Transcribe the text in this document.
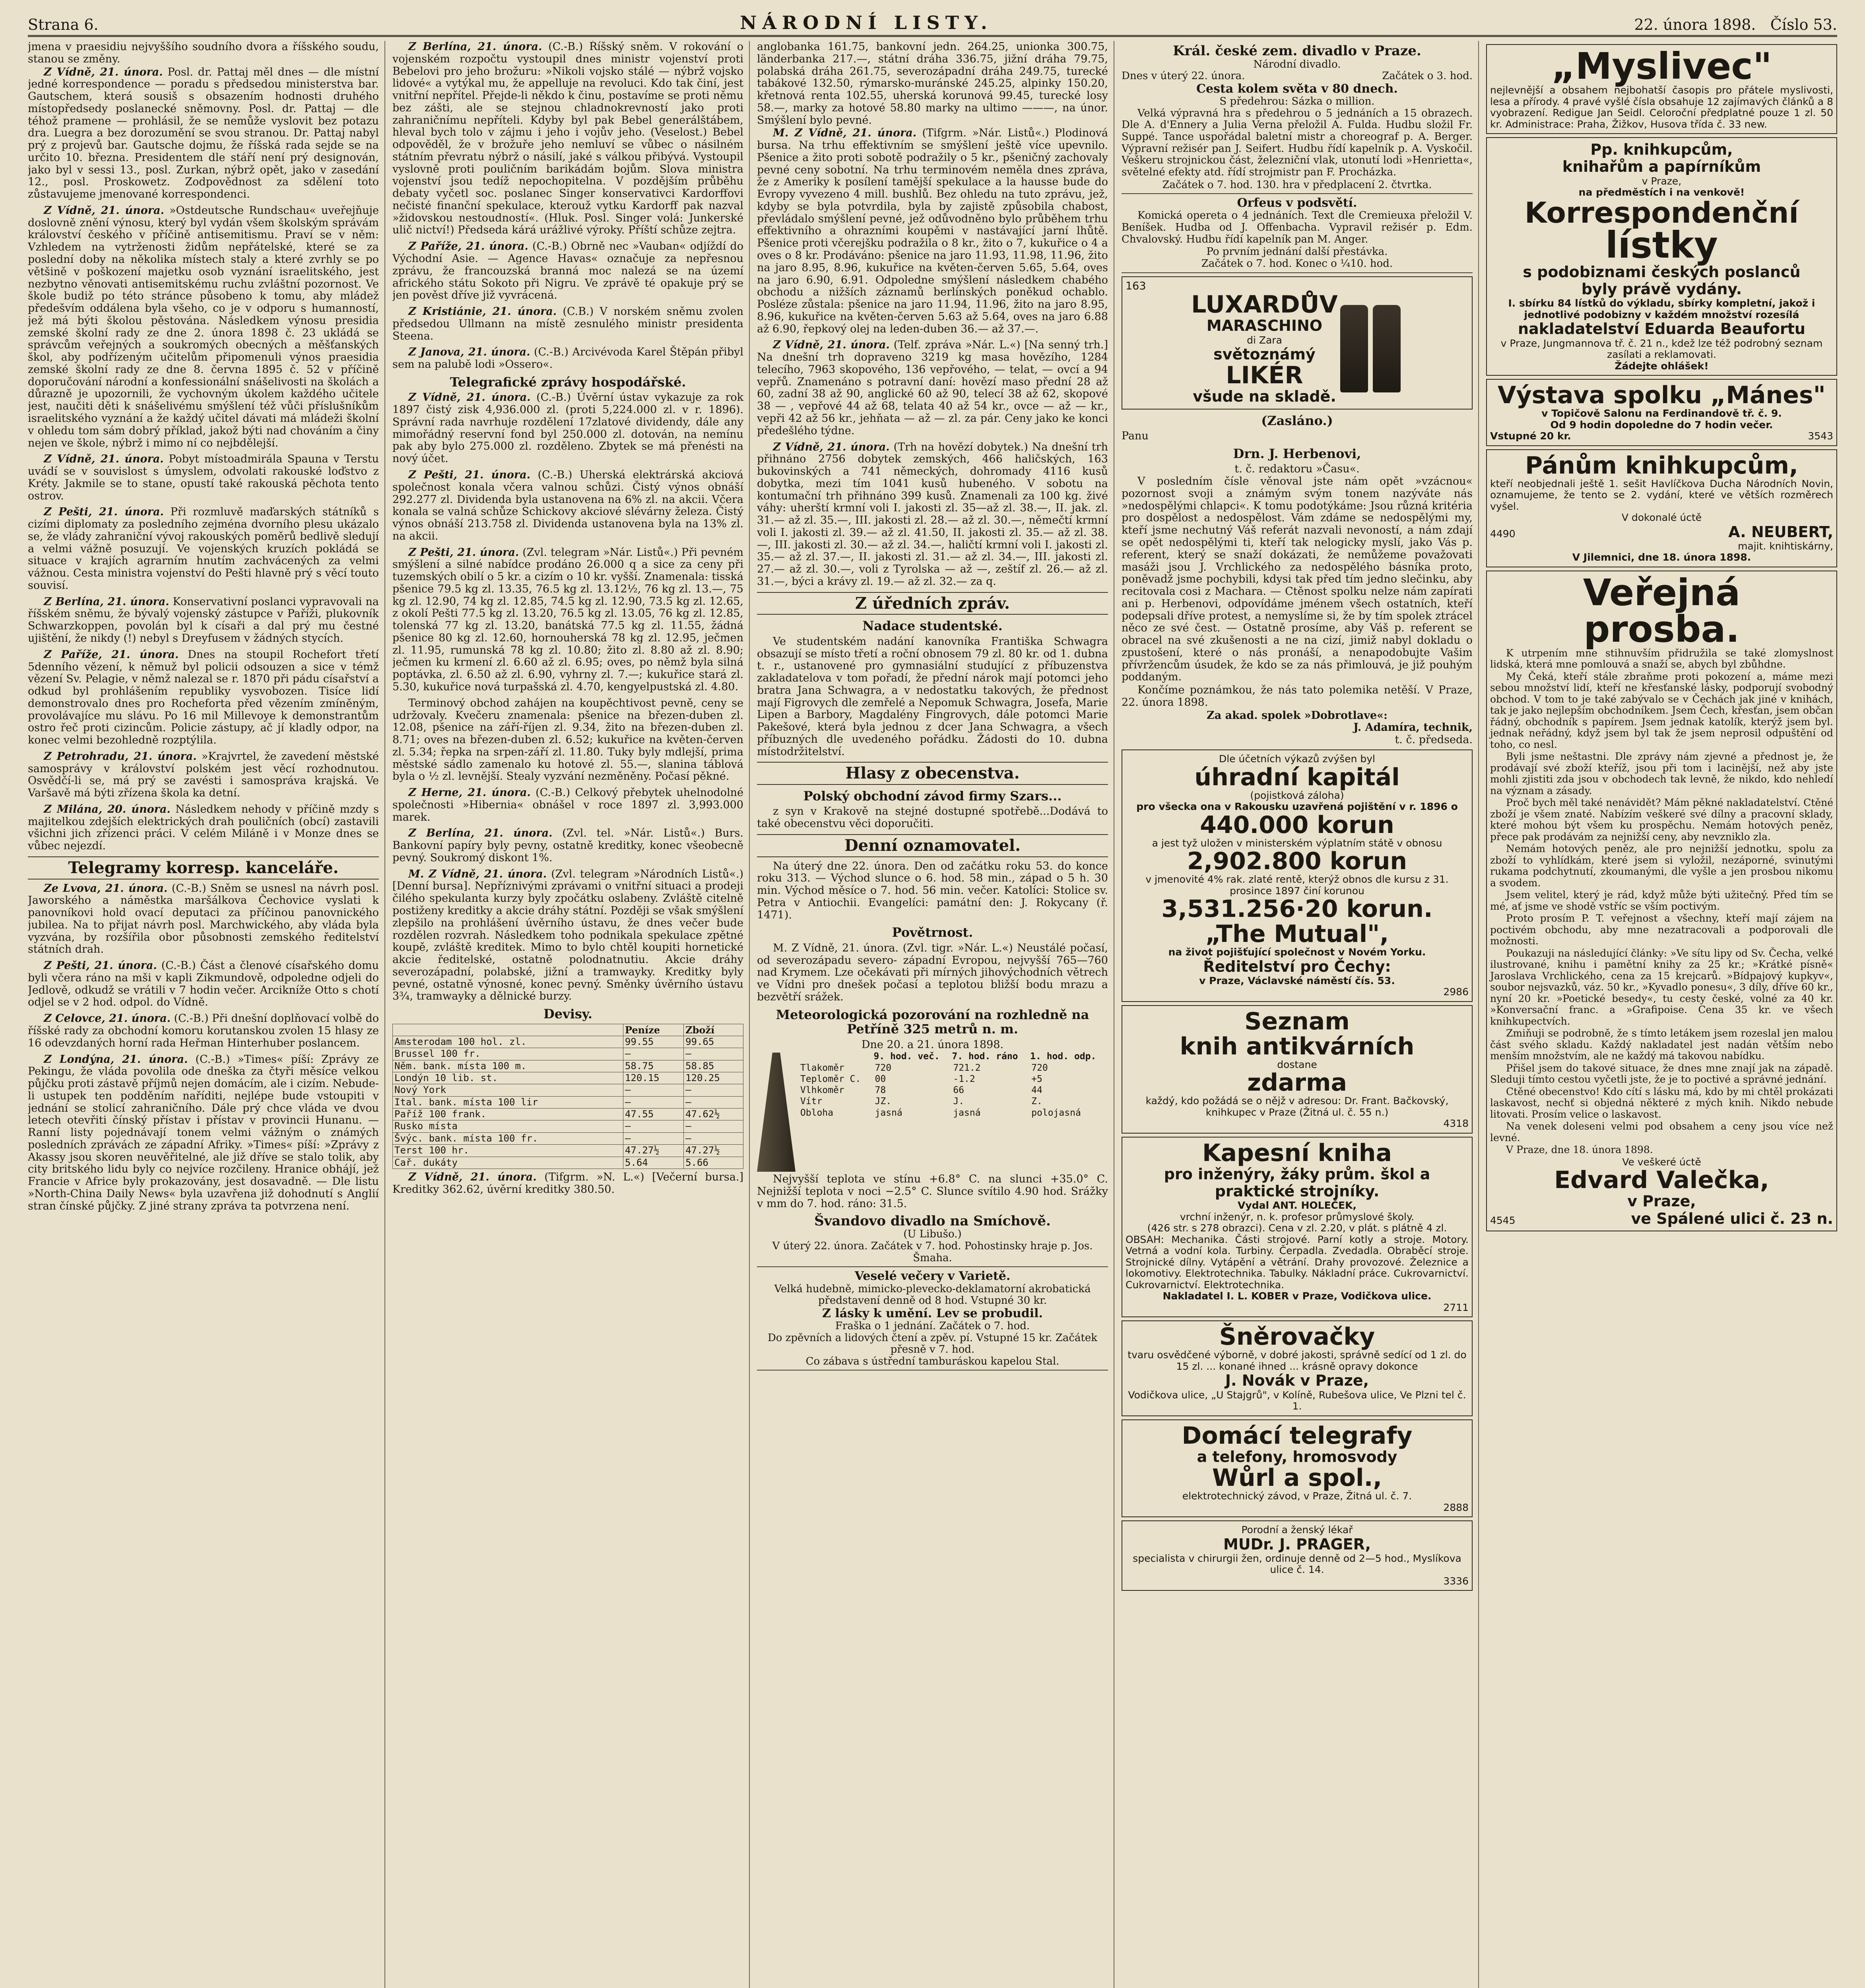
Strana 6.	NÁRODNÍ LISTY.	22. února 1898. Číslo 53.

jmena v praesidiu nejvyššího soudního dvora a říšského soudu, stanou se změny.

Z Vídně, 21. února. Posl. dr. Pattaj měl dnes — dle místní jedné korrespondence — poradu s předsedou ministerstva bar. Gautschem, která sousiš s obsazením hodnosti druhého místopředsedy poslanecké sněmovny. Posl. dr. Pattaj — dle téhož pramene — prohlásil, že se nemůže vyslovit bez potazu dra. Luegra a bez dorozumění se svou stranou. Dr. Pattaj nabyl prý z projevů bar. Gautsche dojmu, že říšská rada sejde se na určito 10. března. Presidentem dle stáří není prý designován, jako byl v sessi 13., posl. Zurkan, nýbrž opět, jako v zasedání 12., posl. Proskowetz. Zodpovědnost za sdělení toto zůstavujeme jmenované korrespondenci.

Z Vídně, 21. února. »Ostdeutsche Rundschau« uveřejňuje doslovně znění výnosu, který byl vydán všem školským správám království českého v příčině antisemitismu. Praví se v něm: Vzhledem na vytrženosti židům nepřátelské, které se za poslední doby na několika místech staly a které zvrhly se po většině v poškození majetku osob vyznání israelitského, jest nezbytno věnovati antisemitskému ruchu zvláštní pozornost. Ve škole budiž po této stránce působeno k tomu, aby mládež předešvím oddálena byla všeho, co je v odporu s humanností, jež má býti školou pěstována. Následkem výnosu presidia zemské školní rady ze dne 2. února 1898 č. 23 ukládá se správcům veřejných a soukromých obecných a měšťanských škol, aby podřízeným učitelům připomenuli výnos praesidia zemské školní rady ze dne 8. června 1895 č. 52 v příčině doporučování národní a konfessionální snášelivosti na školách a důrazně je upozornili, že vychovným úkolem každého učitele jest, naučiti děti k snášelivému smýšlení též vůči příslušníkům israelitského vyznání a že každý učitel dávati má mládeži školní v ohledu tom sám dobrý příklad, jakož býti nad chováním a činy nejen ve škole, nýbrž i mimo ní co nejbdělejší.

Z Vídně, 21. února. Pobyt místoadmirála Spauna v Terstu uvádí se v souvislost s úmyslem, odvolati rakouské loďstvo z Kréty. Jakmile se to stane, opustí také rakouská pěchota tento ostrov.

Z Pešti, 21. února. Při rozmluvě maďarských státníků s cizími diplomaty za posledního zejména dvorního plesu ukázalo se, že vlády zahraniční vývoj rakouských poměrů bedlivě sledují a velmi vážně posuzují. Ve vojenských kruzích pokládá se situace v krajích agrarním hnutím zachvácených za velmi vážnou. Cesta ministra vojenství do Pešti hlavně prý s věcí touto souvisí.

Z Berlína, 21. února. Konservativní poslanci vypravovali na říšském sněmu, že bývalý vojenský zástupce v Paříži, plukovník Schwarzkoppen, povolán byl k císaři a dal prý mu čestné ujištění, že nikdy (!) nebyl s Dreyfusem v žádných stycích.

Z Paříže, 21. února. Dnes na stoupil Rochefort třetí 5denního vězení, k němuž byl policii odsouzen a sice v témž vězení Sv. Pelagie, v němž nalezal se r. 1870 při pádu císařství a odkud byl prohlášením republiky vysvobozen. Tisíce lidí demonstrovalo dnes pro Rocheforta před vězením zmíněným, provolávajíce mu slávu. Po 16 mil Millevoye k demonstrantům ostro řeč proti cizincům. Policie zástupy, ač jí kladly odpor, na konec velmi bezohledně rozptýlila.

Z Petrohradu, 21. února. »Krajvrtel, že zavedení městské samosprávy v království polském jest věcí rozhodnutou. Osvědčí-li se, má prý se zavésti i samospráva krajská. Ve Varšavě má býti zřízena škola ka detní.

Z Milána, 20. února. Následkem nehody v příčině mzdy s majitelkou zdejších elektrických drah pouličních (obcí) zastavili všichni jich zřízenci práci. V celém Miláně i v Monze dnes se vůbec nejezdí.

Telegramy korresp. kanceláře.

Ze Lvova, 21. února. (C.-B.) Sněm se usnesl na návrh posl. Jaworského a náměstka maršálkova Čechovice vyslati k panovníkovi hold ovací deputaci za příčinou panovnického jubilea. Na to přijat návrh posl. Marchwického, aby vláda byla vyzvána, by rozšířila obor působnosti zemského ředitelství státních drah.

Z Pešti, 21. února. (C.-B.) Část a členové císařského domu byli včera ráno na mši v kapli Zikmundově, odpoledne odjeli do Jedlově, odkudž se vrátili v 7 hodin večer. Arcikníže Otto s chotí odjel se v 2 hod. odpol. do Vídně.

Z Celovce, 21. února. (C.-B.) Při dnešní doplňovací volbě do říšské rady za obchodní komoru korutanskou zvolen 15 hlasy ze 16 odevzdaných horní rada Heřman Hinterhuber poslancem.

Z Londýna, 21. února. (C.-B.) »Times« píší: Zprávy ze Pekingu, že vláda povolila ode dneška za čtyři měsíce velkou půjčku proti zástavě příjmů nejen domácím, ale i cizím. Nebude-li ustupek ten podděním naříditi, nejlépe bude vstoupiti v jednání se stolicí zahraničního. Dále prý chce vláda ve dvou letech otevřiti čínský přístav i přístav v provincii Hunanu. — Ranní listy pojednávají tonem velmi vážným o známých posledních zprávách ze západní Afriky. »Times« píší: »Zprávy z Akassy jsou skoren neuvěřitelné, ale již dříve se stalo tolik, aby city britského lidu byly co nejvíce rozčileny. Hranice obhájí, jež Francie v Africe byly prokazovány, jest dosavadně. — Dle listu »North-China Daily News« byla uzavřena již dohodnutí s Anglií stran čínské půjčky. Z jiné strany zpráva ta potvrzena není.

Z Berlína, 21. února. (C.-B.) Říšský sněm. V rokování o vojenském rozpočtu vystoupil dnes ministr vojenství proti Bebelovi pro jeho brožuru: »Nikoli vojsko stálé — nýbrž vojsko lidové« a vytýkal mu, že appelluje na revoluci. Kdo tak činí, jest vnitřní nepřítel. Přejde-li někdo k činu, postavíme se proti němu bez zášti, ale se stejnou chladnokrevností jako proti zahraničnímu nepříteli. Kdyby byl pak Bebel generálštábem, hleval bych tolo v zájmu i jeho i vojův jeho. (Veselost.) Bebel odpověděl, že v brožuře jeho nemluví se vůbec o násilném státním převratu nýbrž o násilí, jaké s válkou přibývá. Vystoupil vyslovně proti pouličním barikádám bojům. Slova ministra vojenství jsou tedíž nepochopitelna. V pozdějším průběhu debaty vyčetl soc. poslanec Singer konservativci Kardorffovi nečisté finanční spekulace, kterouž vytku Kardorff pak nazval »židovskou nestoudností«. (Hluk. Posl. Singer volá: Junkerské ulič nictví!) Předseda kárá urážlivé výroky. Příští schůze zejtra.

Z Paříže, 21. února. (C.-B.) Obrně nec »Vauban« odjíždí do Východní Asie. — Agence Havas« označuje za nepřesnou zprávu, že francouzská branná moc nalezá se na území afrického státu Sokoto při Nigru. Ve zprávě té opakuje prý se jen pověst dříve již vyvrácená.

Z Kristiánie, 21. února. (C.B.) V norském sněmu zvolen předsedou Ullmann na místě zesnulého ministr presidenta Steena.

Z Janova, 21. února. (C.-B.) Arcivévoda Karel Štěpán přibyl sem na palubě lodi »Ossero«.

Telegrafické zprávy hospodářské.

Z Vídně, 21. února. (C.-B.) Úvěrní ústav vykazuje za rok 1897 čistý zisk 4,936.000 zl. (proti 5,224.000 zl. v r. 1896). Správní rada navrhuje rozdělení 17zlatové dividendy, dále any mimořádný reservní fond byl 250.000 zl. dotován, na nemínu pak aby bylo 275.000 zl. rozděleno. Zbytek se má přenésti na nový účet.

Z Pešti, 21. února. (C.-B.) Uherská elektrárská akciová společnost konala včera valnou schůzi. Čistý výnos obnáší 292.277 zl. Dividenda byla ustanovena na 6% zl. na akcii. Včera konala se valná schůze Schickovy akciové slévárny železa. Čistý výnos obnáší 213.758 zl. Dividenda ustanovena byla na 13% zl. na akcii.

Z Pešti, 21. února. (Zvl. telegram »Nár. Listů«.) Při pevném smýšlení a silné nabídce prodáno 26.000 q a sice za ceny při tuzemských obilí o 5 kr. a cizím o 10 kr. vyšší. Znamenala: tisská pšenice 79.5 kg zl. 13.35, 76.5 kg zl. 13.12½, 76 kg zl. 13.—, 75 kg zl. 12.90, 74 kg zl. 12.85, 74.5 kg zl. 12.90, 73.5 kg zl. 12.65, z okolí Pešti 77.5 kg zl. 13.20, 76.5 kg zl. 13.05, 76 kg zl. 12.85, tolenská 77 kg zl. 13.20, banátská 77.5 kg zl. 11.55, žádná pšenice 80 kg zl. 12.60, hornouherská 78 kg zl. 12.95, ječmen zl. 11.95, rumunská 78 kg zl. 10.80; žito zl. 8.80 až zl. 8.90; ječmen ku krmení zl. 6.60 až zl. 6.95; oves, po němž byla silná poptávka, zl. 6.50 až zl. 6.90, vyhrny zl. 7.—; kukuřice stará zl. 5.30, kukuřice nová turpašská zl. 4.70, kengyelpustská zl. 4.80.

Terminový obchod zahájen na koupěchtivost pevně, ceny se udržovaly. Kvečeru znamenala: pšenice na březen-duben zl. 12.08, pšenice na září-říjen zl. 9.34, žito na březen-duben zl. 8.71; oves na březen-duben zl. 6.52; kukuřice na květen-červen zl. 5.34; řepka na srpen-září zl. 11.80. Tuky byly mdlejší, prima městské sádlo zamenalo ku hotové zl. 55.—, slanina táblová byla o ½ zl. levnější. Stealy vyzvání nezměněny. Počasí pěkné.

Z Herne, 21. února. (C.-B.) Celkový přebytek uhelnodolné společnosti »Hibernia« obnášel v roce 1897 zl. 3,993.000 marek.

Z Berlína, 21. února. (Zvl. tel. »Nár. Listů«.) Burs. Bankovní papíry byly pevny, ostatně kreditky, konec všeobecně pevný. Soukromý diskont 1%.

M. Z Vídně, 21. února. (Zvl. telegram »Národních Listů«.) [Denní bursa]. Nepříznivými zprávami o vnitřní situaci a prodeji čilého spekulanta kurzy byly zpočátku oslabeny. Zvláště citelně postiženy kreditky a akcie dráhy státní. Později se však smýšlení zlepšilo na prohlášení úvěrního ústavu, že dnes večer bude rozdělen rozvrah. Následkem toho podnikala spekulace zpětné koupě, zvláště kreditek. Mimo to bylo chtěl koupiti hornetické akcie ředitelské, ostatně polodnatnutiu. Akcie dráhy severozápadní, polabské, jižní a tramwayky. Kreditky byly pevné, ostatně výnosné, konec pevný. Směnky úvěrního ústavu 3¾, tramwayky a dělnické burzy.

Devisy.
	Peníze	Zboží
Amsterodam 100 hol. zl.	99.55	99.65
Brussel 100 fr.	—	—
Něm. bank. místa 100 m.	58.75	58.85
Londýn 10 lib. st.	120.15	120.25
Nový York	—	—
Ital. bank. místa 100 lir	—	—
Paříž 100 frank.	47.55	47.62½
Rusko místa	—	—
Švýc. bank. místa 100 fr.	—	—
Terst 100 hr.	47.27½	47.27½
Cař. dukáty	5.64	5.66

Z Vídně, 21. února. (Tifgrm. »N. L.«) [Večerní bursa.] Kreditky 362.62, úvěrní kreditky 380.50.

anglobanka 161.75, bankovní jedn. 264.25, unionka 300.75, länderbanka 217.—, státní dráha 336.75, jižní dráha 79.75, polabská dráha 261.75, severozápadní dráha 249.75, turecké tabákové 132.50, rýmarsko-muránské 245.25, alpinky 150.20, křetnová renta 102.55, uherská korunová 99.45, turecké losy 58.—, marky za hotové 58.80 marky na ultimo ———, na únor. Smýšlení bylo pevné.

M. Z Vídně, 21. února. (Tifgrm. »Nár. Listů«.) Plodinová bursa. Na trhu effektivním se smýšlení ještě více upevnilo. Pšenice a žito proti sobotě podražily o 5 kr., pšeničný zachovaly pevné ceny sobotní. Na trhu terminovém neměla dnes zpráva, že z Ameriky k posílení tamější spekulace a la hausse bude do Evropy vyvezeno 4 mill. bushlů. Bez ohledu na tuto zprávu, jež, kdyby se byla potvrdila, byla by zajistě způsobila chabost, převládalo smýšlení pevné, jež odůvodněno bylo průběhem trhu effektivního a ohrazními koupěmi v nastávající jarní lhůtě. Pšenice proti včerejšku podražila o 8 kr., žito o 7, kukuřice o 4 a oves o 8 kr. Prodáváno: pšenice na jaro 11.93, 11.98, 11.96, žito na jaro 8.95, 8.96, kukuřice na květen-červen 5.65, 5.64, oves na jaro 6.90, 6.91. Odpoledne smýšlení následkem chabého obchodu a nižších záznamů berlínských poněkud ochablo. Posléze zůstala: pšenice na jaro 11.94, 11.96, žito na jaro 8.95, 8.96, kukuřice na květen-červen 5.63 až 5.64, oves na jaro 6.88 až 6.90, řepkový olej na leden-duben 36.— až 37.—.

Z Vídně, 21. února. (Telf. zpráva »Nár. L.«) [Na senný trh.] Na dnešní trh dopraveno 3219 kg masa hovězího, 1284 telecího, 7963 skopového, 136 vepřového, — telat, — ovcí a 94 vepřů. Znamenáno s potravní daní: hovězí maso přední 28 až 60, zadní 38 až 90, anglické 60 až 90, telecí 38 až 62, skopové 38 — , vepřové 44 až 68, telata 40 až 54 kr., ovce — až — kr., vepři 42 až 56 kr., jehňata — až — zl. za pár. Ceny jako ke konci předešlého týdne.

Z Vídně, 21. února. (Trh na hovězí dobytek.) Na dnešní trh přihnáno 2756 dobytek zemských, 466 haličských, 163 bukovinských a 741 německých, dohromady 4116 kusů dobytka, mezi tím 1041 kusů hubeného. V sobotu na kontumační trh přihnáno 399 kusů. Znamenali za 100 kg. živé váhy: uherští krmní voli I. jakosti zl. 35—až zl. 38.—, II. jak. zl. 31.— až zl. 35.—, III. jakosti zl. 28.— až zl. 30.—, němečtí krmní voli I. jakosti zl. 39.— až zl. 41.50, II. jakosti zl. 35.— až zl. 38.—, III. jakosti zl. 30.— až zl. 34.—, haličtí krmní voli I. jakosti zl. 35.— až zl. 37.—, II. jakosti zl. 31.— až zl. 34.—, III. jakosti zl. 27.— až zl. 30.—, voli z Tyrolska — až —, zeštíf zl. 26.— až zl. 31.—, býci a krávy zl. 19.— až zl. 32.— za q.

Z úředních zpráv.
Nadace studentské.

Ve studentském nadání kanovníka Františka Schwagra obsazují se místo třetí a roční obnosem 79 zl. 80 kr. od 1. dubna t. r., ustanovené pro gymnasiální studující z příbuzenstva zakladatelova v tom pořadí, že přední nárok mají potomci jeho bratra Jana Schwagra, a v nedostatku takových, že přednost mají Figrovych dle zemřelé a Nepomuk Schwagra, Josefa, Marie Lipen a Barbory, Magdalény Fingrovych, dále potomci Marie Pakešové, která byla jednou z dcer Jana Schwagra, a všech příbuzných dle uvedeného pořádku. Žádosti do 10. dubna místodržitelství.

Hlasy z obecenstva.
Polský obchodní závod firmy Szars...

z syn v Krakově na stejné dostupné spotřebě...Dodává to také obecenstvu věci doporučiti.

Denní oznamovatel.

Na úterý dne 22. února. Den od začátku roku 53. do konce roku 313. — Východ slunce o 6. hod. 58 min., západ o 5 h. 30 min. Východ měsíce o 7. hod. 56 min. večer. Katolíci: Stolice sv. Petra v Antiochii. Evangelíci: památní den: J. Rokycany (ř. 1471).

Povětrnost.

M. Z Vídně, 21. února. (Zvl. tigr. »Nár. L.«) Neustálé počasí, od severozápadu severo- západní Evropou, nejvyšší 765—760 nad Krymem. Lze očekávati při mírných jihovýchodních větrech ve Vídni pro dnešek počasí a teplotou bližší bodu mrazu a bezvětří srážek.

Meteorologická pozorování na rozhledně na Petříně 325 metrů n. m.
Dne 20. a 21. února 1898.
	9. hod. več.	7. hod. ráno	1. hod. odp.
Tlakoměr	720	721.2	720
Teploměr C.	00	-1.2	+5
Vlhkoměr	78	66	44
Vítr	JZ.	J.	Z.
Oblohа	jasná	jasná	polojasná

Nejvyšší teplota ve stínu +6.8° C. na slunci +35.0° C. Nejnižší teplota v noci −2.5° C. Slunce svítilo 4.90 hod. Srážky v mm do 7. hod. ráno: 31.5.

Švandovo divadlo na Smíchově.
(U Libušo.)
V úterý 22. února. Začátek v 7. hod. Pohostinsky hraje p. Jos. Šmaha.
Veselé večery v Varietě.
Velká hudebně, mimicko-plevecko-deklamatorní akrobatická představení denně od 8 hod. Vstupné 30 kr.
Z lásky k umění. Lev se probudil.
Fraška o 1 jednání. Začátek o 7. hod.
Do zpěvních a lidových čtení a zpěv. pí. Vstupné 15 kr. Začátek přesně v 7. hod.
Co zábava s ústřední tamburáskou kapelou Stal.
Král. české zem. divadlo v Praze.
Národní divadlo.
Dnes v úterý 22. února.	Začátek o 3. hod.
Cesta kolem světa v 80 dnech.
S předehrou: Sázka o million.

Velká výpravná hra s předehrou o 5 jednáních a 15 obrazech. Dle A. d'Ennery a Julia Verna přeložil A. Fulda. Hudbu složil Fr. Suppé. Tance uspořádal baletní mistr a choreograf p. A. Berger. Výpravní režisér pan J. Seifert. Hudbu řídí kapelník p. A. Vyskočil. Veškeru strojnickou část, železniční vlak, utonutí lodi »Henrietta«, světelné efekty atd. řídí strojmistr pan F. Procházka.

Začátek o 7. hod. 130. hra v předplacení 2. čtvrtka.
Orfeus v podsvětí.

Komická opereta o 4 jednáních. Text dle Cremieuxa přeložil V. Beníšek. Hudba od J. Offenbacha. Vypravil režisér p. Edm. Chvalovský. Hudbu řídí kapelník pan M. Anger.

Po prvním jednání další přestávka.
Začátek o 7. hod. Konec o ¼10. hod.
163
LUXARDŮV
MARASCHINO
di Zara
světoznámý
LIKÉR
všude na skladě.
(Zasláno.)
Panu
Drn. J. Herbenovi,
t. č. redaktoru »Času«.

V posledním čísle věnoval jste nám opět »vzácnou« pozornost svoji a známým svým tonem nazýváte nás »nedospělými chlapci«. K tomu podotýkáme: Jsou různá kritéria pro dospělost a nedospělost. Vám zdáme se nedospělými my, kteří jsme nechutný Váš referát nazvali nevoností, a nám zdají se opět nedospělými ti, kteří tak nelogicky myslí, jako Vás p. referent, který se snaží dokázati, že nemůžeme považovati masáži jsou J. Vrchlického za nedospělého básníka proto, poněvadž jsme pochybili, kdysi tak před tím jedno slečinku, aby recitovala cosi z Machara. — Ctěnost spolku nelze nám zapírati ani p. Herbenovi, odpovídáme jménem všech ostatních, kteří podepsali dříve protest, a nemyslíme si, že by tím spolek ztrácel něco ze své čest. — Ostatně prosíme, aby Váš p. referent se obracel na své zkušenosti a ne na cizí, jimiž nabyl dokladu o zpustošení, které o nás pronáší, a nenapodobujte Vašim přívržencům úsudek, že kdo se za nás přimlouvá, je již pouhým poddaným.

Končíme poznámkou, že nás tato polemika netěší. V Praze, 22. února 1898.

Za akad. spolek »Dobrotlave«:
J. Adamíra, technik,
t. č. předseda.
Dle účetních výkazů zvýšen byl
úhradní kapitál
(pojistková záloha)
pro všecka ona v Rakousku uzavřená pojištění v r. 1896 o
440.000 korun
a jest tyž uložen v ministerském výplatním státě v obnosu
2,902.800 korun
v jmenovité 4% rak. zlaté rentě, kterýž obnos dle kursu z 31. prosince 1897 činí korunou
3,531.256·20 korun.
„The Mutual",
na život pojišťující společnost v Novém Yorku.
Ředitelství pro Čechy:
v Praze, Václavské náměstí čís. 53.
2986
Seznam
knih antikvárních
dostane
zdarma
každý, kdo požádá se o nějž v adresou: Dr. Frant. Bačkovský, knihkupec v Praze (Žitná ul. č. 55 n.)
4318
Kapesní kniha
pro inženýry, žáky prům. škol a praktické strojníky.
Vydal ANT. HOLEČEK,
vrchní inženýr, n. k. profesor průmyslové školy.
(426 str. s 278 obrazci). Cena v zl. 2.20, v plát. s plátně 4 zl.
OBSAH: Mechanika. Části strojové. Parní kotly a stroje. Motory. Vetrná a vodní kola. Turbiny. Čerpadla. Zvedadla. Obraběcí stroje. Strojnické dílny. Vytápění a větrání. Drahy provozové. Železnice a lokomotivy. Elektrotechnika. Tabulky. Nákladní práce. Cukrovarnictví. Cukrovarnictví. Elektrotechnika.
Nakladatel I. L. KOBER v Praze, Vodičkova ulice.
2711
Šněrovačky
tvaru osvědčené výborně, v dobré jakosti, správně sedící od 1 zl. do 15 zl. ... konané ihned ... krásně opravy dokonce
J. Novák v Praze,
Vodičkova ulice, „U Stajgrů", v Kolíně, Rubešova ulice, Ve Plzni tel č. 1.
Domácí telegrafy
a telefony, hromosvody
Wůrl a spol.,
elektrotechnický závod, v Praze, Žitná ul. č. 7.
2888
Porodní a ženský lékař
MUDr. J. PRAGER,
specialista v chirurgii žen, ordinuje denně od 2—5 hod., Myslíkova ulice č. 14.
3336
„Myslivec"
nejlevnější a obsahem nejbohatší časopis pro přátele myslivosti, lesa a přírody. 4 pravé vyšlé čísla obsahuje 12 zajímavých článků a 8 vyobrazení. Redigue Jan Seidl. Celoroční předplatné pouze 1 zl. 50 kr. Administrace: Praha, Žižkov, Husova třída č. 33 new.
Pp. knihkupcům,
knihařům a papírníkům
v Praze,
na předměstích i na venkově!
Korrespondenční
lístky
s podobiznami českých poslanců
byly právě vydány.
I. sbírku 84 lístků do výkladu, sbírky kompletní, jakož i jednotlivé podobizny v každém množství rozesílá
nakladatelství Eduarda Beaufortu
v Praze, Jungmannova tř. č. 21 n., kdež lze též podrobný seznam zasílati a reklamovati.
Žádejte ohlášek!
Výstava spolku „Mánes"
v Topičově Salonu na Ferdinandově tř. č. 9.
Od 9 hodin dopoledne do 7 hodin večer.
Vstupné 20 kr.	3543
Pánům knihkupcům,
kteří neobjednali ještě 1. sešit Havlíčkova Ducha Národních Novin, oznamujeme, že tento se 2. vydání, které ve větších rozměrech vyšel.
V dokonalé úctě
4490	A. NEUBERT,
majit. knihtiskárny,
V Jilemnici, dne 18. února 1898.
Veřejná
prosba.

K utrpením mne stihnuvším přidružila se také zlomyslnost lidská, která mne pomlouvá a snaží se, abych byl zbůhdne.

My Čeká, kteří stále zbraňme proti pokození a, máme mezi sebou množství lidí, kteří ne křesťanské lásky, podporují svobodný obchod. V tom to je také zabývalo se v Čechách jak jiné v knihách, tak je jako nejlepším obchodníkem. Jsem Čech, křesťan, jsem občan řádný, obchodník s papírem. Jsem jednak katolík, kterýž jsem byl. jednak neřádný, když jsem byl tak že jsem neprosil odpuštění od toho, co nesl.

Byli jsme neštastni. Dle zprávy nám zjevné a přednost je, že prodávají své zboží kteříž, jsou při tom i lacinější, než aby jste mohli zjistiti zda jsou v obchodech tak levně, že nikdo, kdo nehledí na význam a zásady.

Proč bych měl také nenávidět? Mám pěkné nakladatelství. Ctěné zboží je všem znaté. Nabízím veškeré své dílny a pracovní sklady, které mohou být všem ku prospěchu. Nemám hotových peněz, přece pak prodávám za nejnižší ceny, aby nevzniklo zla.

Nemám hotových peněz, ale pro nejnižší jednotku, spolu za zboží to vyhlídkám, které jsem si vyložil, nezáporné, svinutými rukama podchytnutí, zkoumanými, dle vyšle a jen prosbou nikomu a svodem.

Jsem velitel, který je rád, když může býti užitečný. Před tím se mé, ať jsme ve shodě vstříc se vším poctivým.

Proto prosím P. T. veřejnost a všechny, kteří mají zájem na poctivém obchodu, aby mne nezatracovali a podporovali dle možnosti.

Poukazuji na následující články: »Ve sítu lipy od Sv. Čecha, velké ilustrované, knihu i pamětní knihy za 25 kr.; »Krátké písně« Jaroslava Vrchlického, cena za 15 krejcarů. »Bídpajový kupkyv«, soubor nejsvazků, váz. 50 kr., »Kyvadlo ponesu«, 3 díly, dříve 60 kr., nyní 20 kr. »Poetické besedy«, tu cesty české, volné za 40 kr. »Konversační franc. a »Grafipoise. Cena 35 kr. ve všech knihkupectvích.

Zmiňuji se podrobně, že s tímto letákem jsem rozeslal jen malou část svého skladu. Každý nakladatel jest nadán větším nebo menším množstvím, ale ne každý má takovou nabídku.

Přišel jsem do takové situace, že dnes mne znají jak na západě. Sleduji tímto cestou vyčetli jste, že je to poctivé a správné jednání.

Ctěné obecenstvo! Kdo cítí s lásku má, kdo by mi chtěl prokázati laskavost, nechť si objedná některé z mých knih. Nikdo nebude litovati. Prosím velice o laskavost.

Na venek doleseni velmi pod obsahem a ceny jsou více než levné.

V Praze, dne 18. února 1898.

Ve veškeré úctě
Edvard Valečka,
v Praze,
4545	ve Spálené ulici č. 23 n.
